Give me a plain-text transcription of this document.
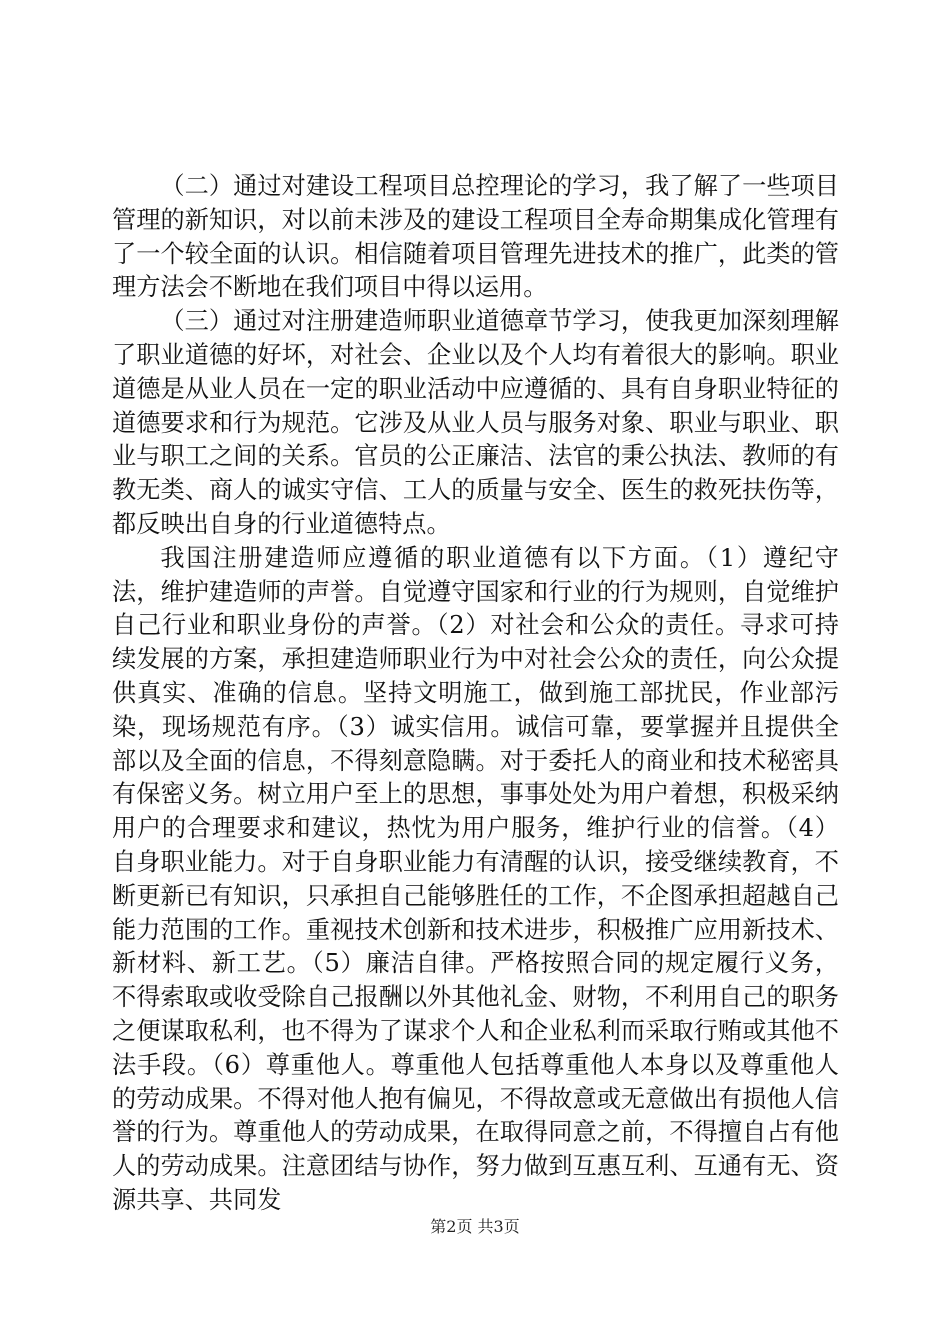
（二）通过对建设工程项目总控理论的学习，我了解了一些项目管理的新知识，对以前未涉及的建设工程项目全寿命期集成化管理有了一个较全面的认识。相信随着项目管理先进技术的推广，此类的管理方法会不断地在我们项目中得以运用。

（三）通过对注册建造师职业道德章节学习，使我更加深刻理解了职业道德的好坏，对社会、企业以及个人均有着很大的影响。职业道德是从业人员在一定的职业活动中应遵循的、具有自身职业特征的道德要求和行为规范。它涉及从业人员与服务对象、职业与职业、职业与职工之间的关系。官员的公正廉洁、法官的秉公执法、教师的有教无类、商人的诚实守信、工人的质量与安全、医生的救死扶伤等，都反映出自身的行业道德特点。

我国注册建造师应遵循的职业道德有以下方面。（1）遵纪守法，维护建造师的声誉。自觉遵守国家和行业的行为规则，自觉维护自己行业和职业身份的声誉。（2）对社会和公众的责任。寻求可持续发展的方案，承担建造师职业行为中对社会公众的责任，向公众提供真实、准确的信息。坚持文明施工，做到施工部扰民，作业部污染，现场规范有序。（3）诚实信用。诚信可靠，要掌握并且提供全部以及全面的信息，不得刻意隐瞒。对于委托人的商业和技术秘密具有保密义务。树立用户至上的思想，事事处处为用户着想，积极采纳用户的合理要求和建议，热忱为用户服务，维护行业的信誉。（4）自身职业能力。对于自身职业能力有清醒的认识，接受继续教育，不断更新已有知识，只承担自己能够胜任的工作，不企图承担超越自己能力范围的工作。重视技术创新和技术进步，积极推广应用新技术、新材料、新工艺。（5）廉洁自律。严格按照合同的规定履行义务，不得索取或收受除自己报酬以外其他礼金、财物，不利用自己的职务之便谋取私利，也不得为了谋求个人和企业私利而采取行贿或其他不法手段。（6）尊重他人。尊重他人包括尊重他人本身以及尊重他人的劳动成果。不得对他人抱有偏见，不得故意或无意做出有损他人信誉的行为。尊重他人的劳动成果，在取得同意之前，不得擅自占有他人的劳动成果。注意团结与协作，努力做到互惠互利、互通有无、资源共享、共同发

第2页 共3页
